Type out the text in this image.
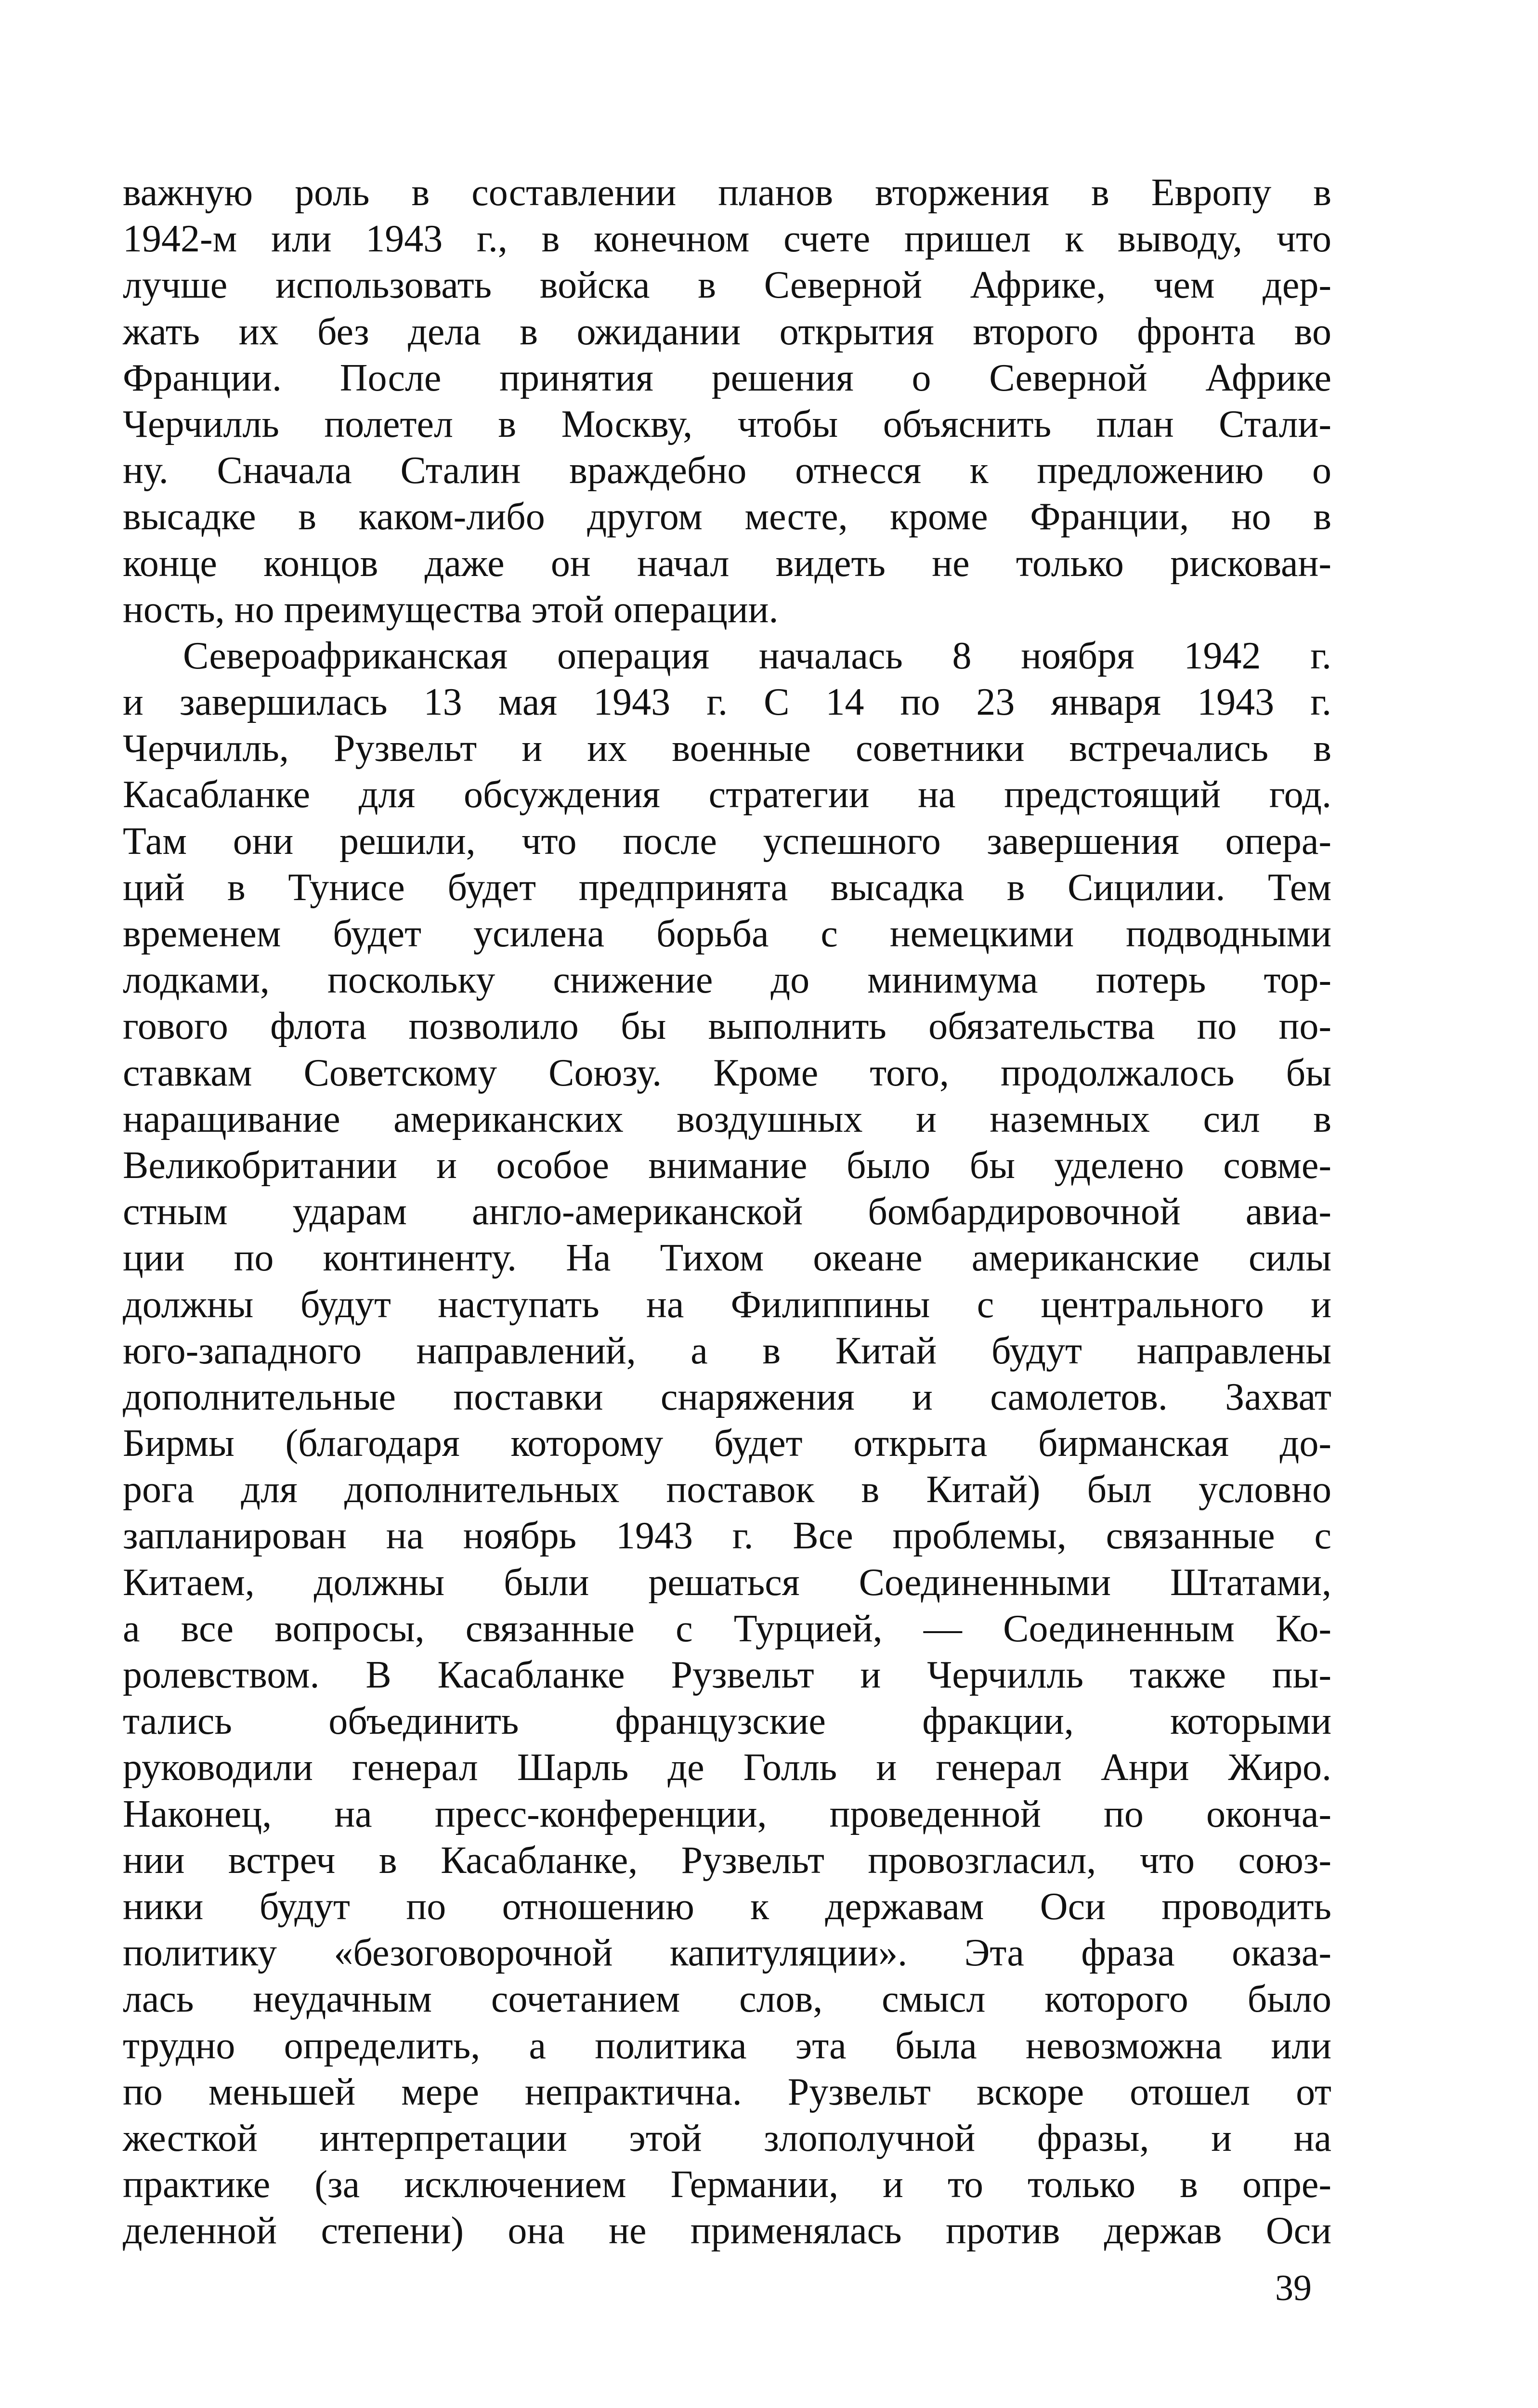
важную роль в составлении планов вторжения в Европу в
1942-м или 1943 г., в конечном счете пришел к выводу, что
лучше использовать войска в Северной Африке, чем дер-
жать их без дела в ожидании открытия второго фронта во
Франции. После принятия решения о Северной Африке
Черчилль полетел в Москву, чтобы объяснить план Стали-
ну. Сначала Сталин враждебно отнесся к предложению о
высадке в каком-либо другом месте, кроме Франции, но в
конце концов даже он начал видеть не только рискован-
ность, но преимущества этой операции.
Североафриканская операция началась 8 ноября 1942 г.
и завершилась 13 мая 1943 г. С 14 по 23 января 1943 г.
Черчилль, Рузвельт и их военные советники встречались в
Касабланке для обсуждения стратегии на предстоящий год.
Там они решили, что после успешного завершения опера-
ций в Тунисе будет предпринята высадка в Сицилии. Тем
временем будет усилена борьба с немецкими подводными
лодками, поскольку снижение до минимума потерь тор-
гового флота позволило бы выполнить обязательства по по-
ставкам Советскому Союзу. Кроме того, продолжалось бы
наращивание американских воздушных и наземных сил в
Великобритании и особое внимание было бы уделено совме-
стным ударам англо-американской бомбардировочной авиа-
ции по континенту. На Тихом океане американские силы
должны будут наступать на Филиппины с центрального и
юго-западного направлений, а в Китай будут направлены
дополнительные поставки снаряжения и самолетов. Захват
Бирмы (благодаря которому будет открыта бирманская до-
рога для дополнительных поставок в Китай) был условно
запланирован на ноябрь 1943 г. Все проблемы, связанные с
Китаем, должны были решаться Соединенными Штатами,
а все вопросы, связанные с Турцией, — Соединенным Ко-
ролевством. В Касабланке Рузвельт и Черчилль также пы-
тались объединить французские фракции, которыми
руководили генерал Шарль де Голль и генерал Анри Жиро.
Наконец, на пресс-конференции, проведенной по оконча-
нии встреч в Касабланке, Рузвельт провозгласил, что союз-
ники будут по отношению к державам Оси проводить
политику «безоговорочной капитуляции». Эта фраза оказа-
лась неудачным сочетанием слов, смысл которого было
трудно определить, а политика эта была невозможна или
по меньшей мере непрактична. Рузвельт вскоре отошел от
жесткой интерпретации этой злополучной фразы, и на
практике (за исключением Германии, и то только в опре-
деленной степени) она не применялась против держав Оси
39
